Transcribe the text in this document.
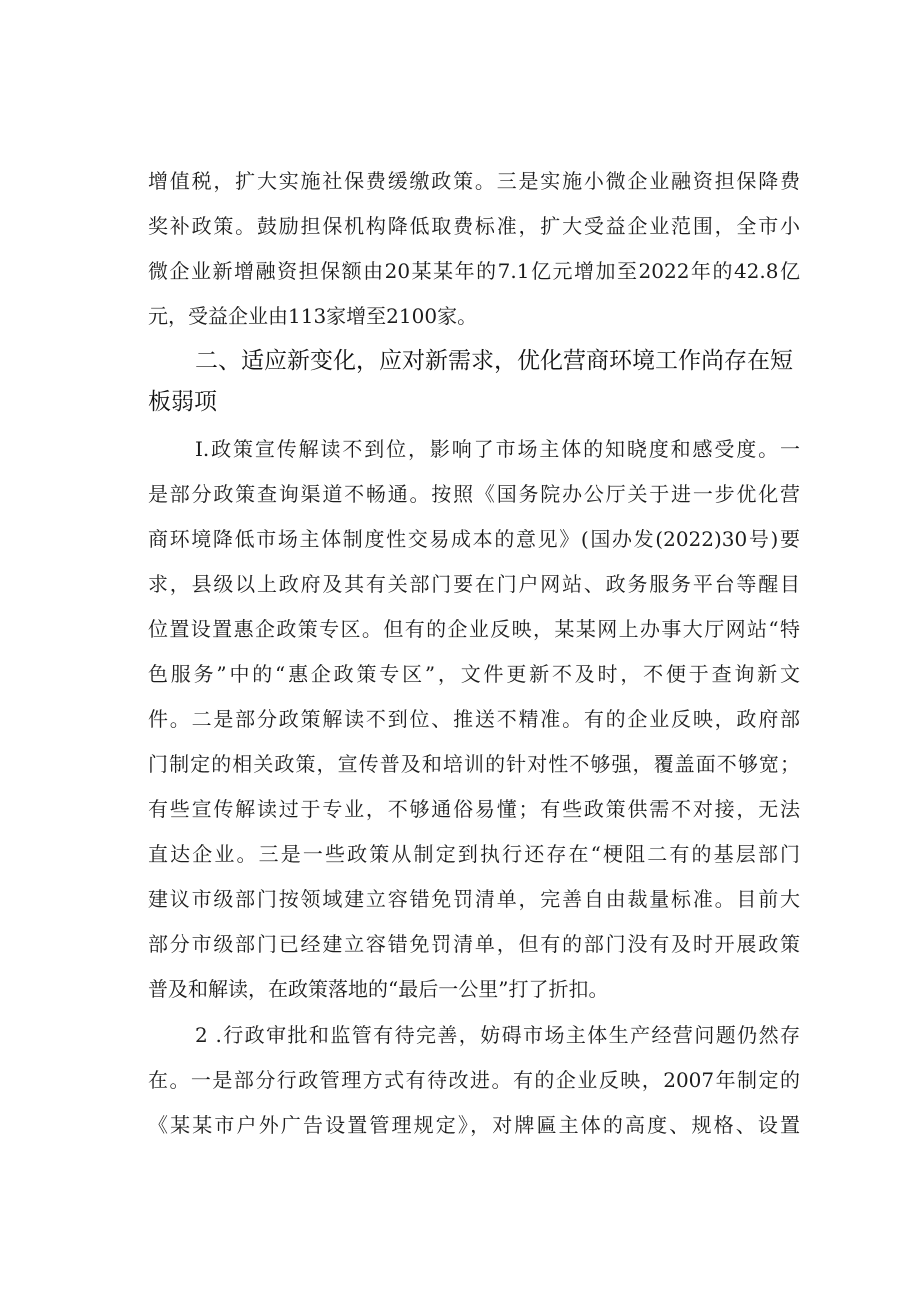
增值税，扩大实施社保费缓缴政策。三是实施小微企业融资担保降费
奖补政策。鼓励担保机构降低取费标准，扩大受益企业范围，全市小
微企业新增融资担保额由20某某年的7.1亿元增加至2022年的42.8亿
元，受益企业由113家增至2100家。
二、适应新变化，应对新需求，优化营商环境工作尚存在短
板弱项
I.政策宣传解读不到位，影响了市场主体的知晓度和感受度。一
是部分政策查询渠道不畅通。按照《国务院办公厅关于进一步优化营
商环境降低市场主体制度性交易成本的意见》(国办发(2022)30号)要
求，县级以上政府及其有关部门要在门户网站、政务服务平台等醒目
位置设置惠企政策专区。但有的企业反映，某某网上办事大厅网站“特
色服务”中的“惠企政策专区”，文件更新不及时，不便于查询新文
件。二是部分政策解读不到位、推送不精准。有的企业反映，政府部
门制定的相关政策，宣传普及和培训的针对性不够强，覆盖面不够宽；
有些宣传解读过于专业，不够通俗易懂；有些政策供需不对接，无法
直达企业。三是一些政策从制定到执行还存在“梗阻二有的基层部门
建议市级部门按领域建立容错免罚清单，完善自由裁量标准。目前大
部分市级部门已经建立容错免罚清单，但有的部门没有及时开展政策
普及和解读，在政策落地的“最后一公里”打了折扣。
2 .行政审批和监管有待完善，妨碍市场主体生产经营问题仍然存
在。一是部分行政管理方式有待改进。有的企业反映，2007年制定的
《某某市户外广告设置管理规定》，对牌匾主体的高度、规格、设置
